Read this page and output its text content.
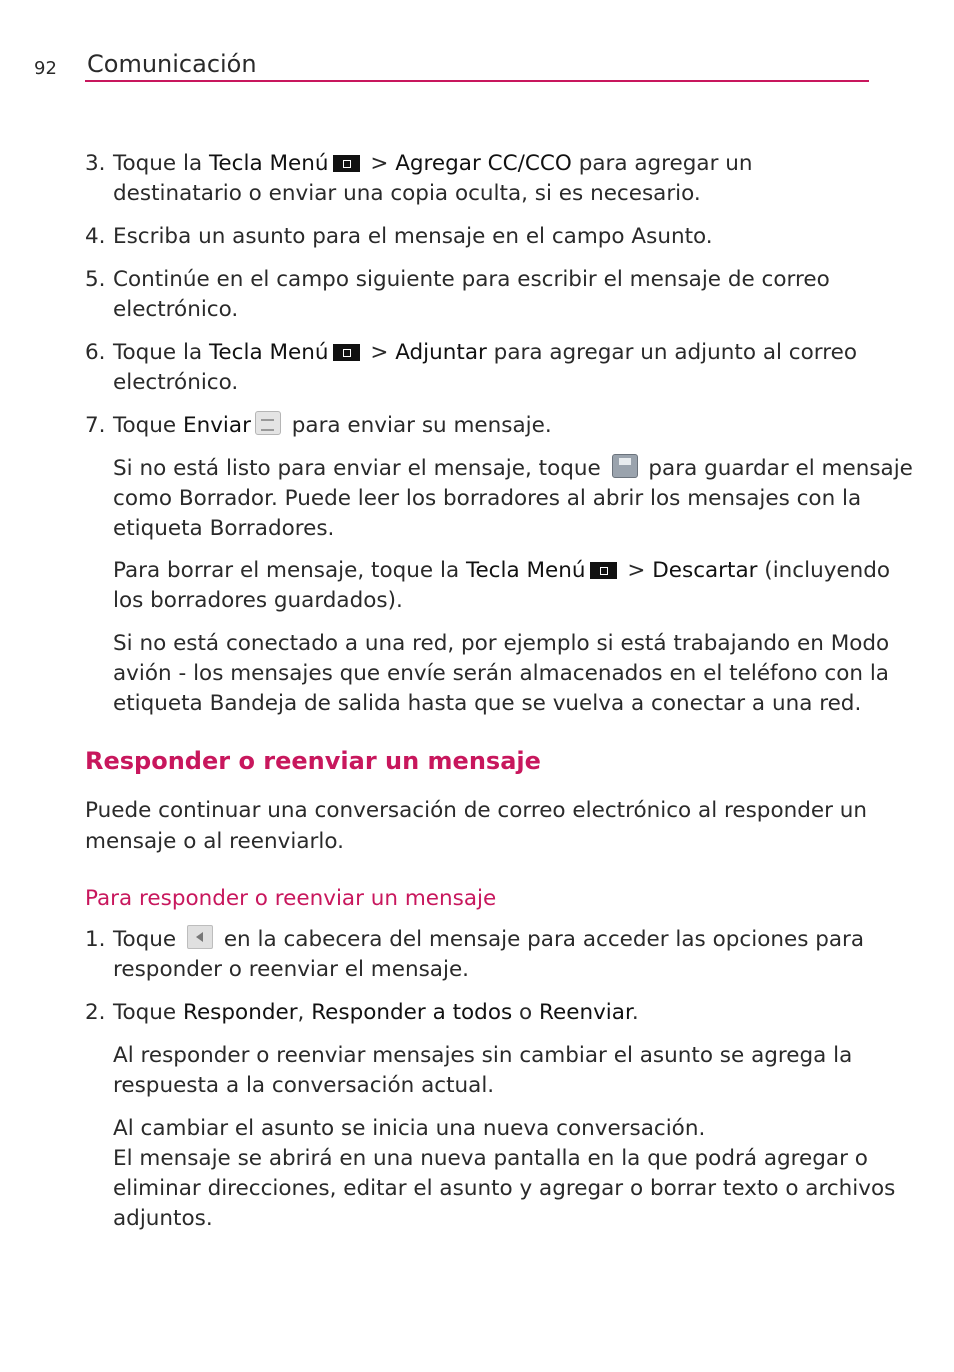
92 Comunicación
3. Toque la Tecla Menú > Agregar CC/CCO para agregar un
destinatario o enviar una copia oculta, si es necesario.

4. Escriba un asunto para el mensaje en el campo Asunto.

5. Continúe en el campo siguiente para escribir el mensaje de correo
electrónico.

6. Toque la Tecla Menú > Adjuntar para agregar un adjunto al correo
electrónico.

7. Toque Enviar para enviar su mensaje.

Si no está listo para enviar el mensaje, toque  para guardar el mensaje
como Borrador. Puede leer los borradores al abrir los mensajes con la
etiqueta Borradores.

Para borrar el mensaje, toque la Tecla Menú > Descartar (incluyendo
los borradores guardados).

Si no está conectado a una red, por ejemplo si está trabajando en Modo
avión - los mensajes que envíe serán almacenados en el teléfono con la
etiqueta Bandeja de salida hasta que se vuelva a conectar a una red.

Responder o reenviar un mensaje

Puede continuar una conversación de correo electrónico al responder un
mensaje o al reenviarlo.

Para responder o reenviar un mensaje
1. Toque  en la cabecera del mensaje para acceder las opciones para
responder o reenviar el mensaje.

2. Toque Responder, Responder a todos o Reenviar.

Al responder o reenviar mensajes sin cambiar el asunto se agrega la
respuesta a la conversación actual.

Al cambiar el asunto se inicia una nueva conversación.
El mensaje se abrirá en una nueva pantalla en la que podrá agregar o
eliminar direcciones, editar el asunto y agregar o borrar texto o archivos
adjuntos.
